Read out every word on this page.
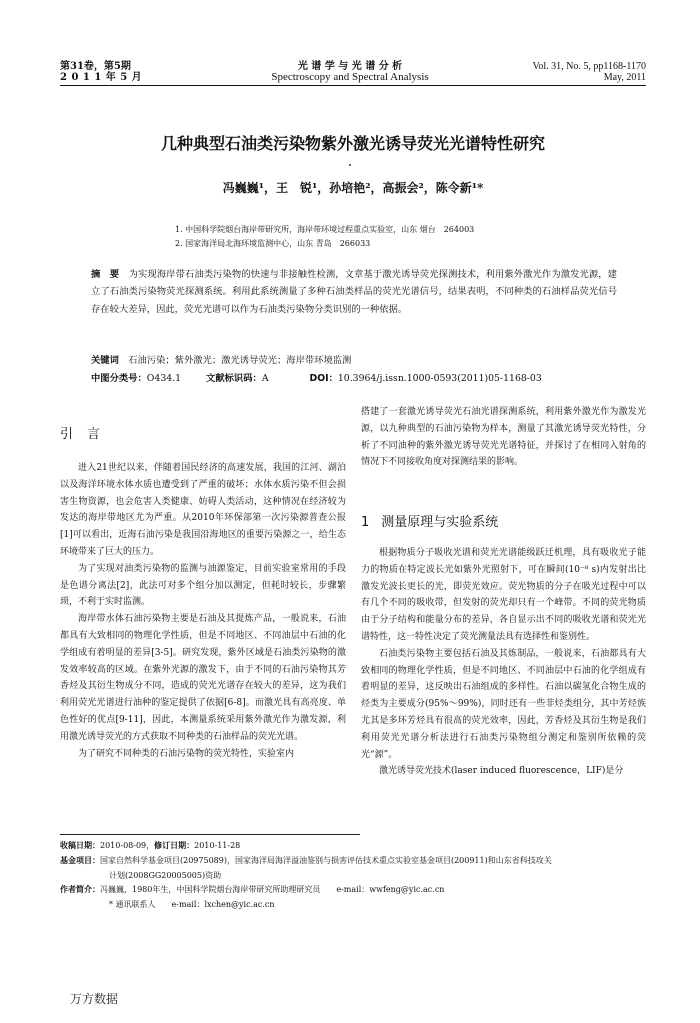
第31卷，第5期
2 0 1 1 年 5 月
光 谱 学 与 光 谱 分 析
Spectroscopy and Spectral Analysis
Vol. 31, No. 5, pp1168-1170
May, 2011
几种典型石油类污染物紫外激光诱导荧光光谱特性研究
冯巍巍¹，王　锐¹，孙培艳²，高振会²，陈令新¹*
1. 中国科学院烟台海岸带研究所，海岸带环境过程重点实验室，山东 烟台　264003
2. 国家海洋局北海环境监测中心，山东 青岛　266033
摘　要　 为实现海岸带石油类污染物的快速与非接触性检测，文章基于激光诱导荧光探测技术，利用紫外激光作为激发光源，建立了石油类污染物荧光探测系统。利用此系统测量了多种石油类样品的荧光光谱信号，结果表明，不同种类的石油样品荧光信号存在较大差异，因此，荧光光谱可以作为石油类污染物分类识别的一种依据。
关键词　 石油污染；紫外激光；激光诱导荧光；海岸带环境监测
中图分类号：O434.1	文献标识码：A	DOI：10.3964/j.issn.1000-0593(2011)05-1168-03
引 言

进入21世纪以来，伴随着国民经济的高速发展，我国的江河、湖泊以及海洋环境水体水质也遭受到了严重的破坏；水体水质污染不但会损害生物资源，也会危害人类健康、妨碍人类活动，这种情况在经济较为发达的海岸带地区尤为严重。从2010年环保部第一次污染源普查公报[1]可以看出，近海石油污染是我国沿海地区的重要污染源之一，给生态环境带来了巨大的压力。

为了实现对油类污染物的监测与油源鉴定，目前实验室常用的手段是色谱分离法[2]，此法可对多个组分加以测定，但耗时较长，步骤繁琐，不利于实时监测。

海岸带水体石油污染物主要是石油及其提炼产品，一般说来，石油都具有大致相同的物理化学性质，但是不同地区、不同油层中石油的化学组成有着明显的差异[3-5]。研究发现，紫外区域是石油类污染物的激发效率较高的区域。在紫外光源的激发下，由于不同的石油污染物其芳香烃及其衍生物成分不同，造成的荧光光谱存在较大的差异，这为我们利用荧光光谱进行油种的鉴定提供了依据[6-8]。而激光具有高亮度、单色性好的优点[9-11]，因此，本测量系统采用紫外激光作为激发源，利用激光诱导荧光的方式获取不同种类的石油样品的荧光光谱。

为了研究不同种类的石油污染物的荧光特性，实验室内

搭建了一套激光诱导荧光石油光谱探测系统，利用紫外激光作为激发光源，以九种典型的石油污染物为样本，测量了其激光诱导荧光特性，分析了不同油种的紫外激光诱导荧光光谱特征，并探讨了在相同入射角的情况下不同接收角度对探测结果的影响。

1 测量原理与实验系统

根据物质分子吸收光谱和荧光光谱能级跃迁机理，具有吸收光子能力的物质在特定波长光如紫外光照射下，可在瞬间(10⁻⁸ s)内发射出比激发光波长更长的光，即荧光效应。荧光物质的分子在吸光过程中可以有几个不同的吸收带，但发射的荧光却只有一个峰带。不同的荧光物质由于分子结构和能量分布的差异，各自显示出不同的吸收光谱和荧光光谱特性，这一特性决定了荧光测量法具有选择性和鉴别性。

石油类污染物主要包括石油及其炼制品，一般说来，石油都具有大致相同的物理化学性质，但是不同地区、不同油层中石油的化学组成有着明显的差异，这反映出石油组成的多样性。石油以碳氢化合物生成的烃类为主要成分(95%～99%)，同时还有一些非烃类组分，其中芳烃族尤其是多环芳烃具有很高的荧光效率，因此，芳香烃及其衍生物是我们利用荧光光谱分析法进行石油类污染物组分测定和鉴别所依赖的荧光“源”。

激光诱导荧光技术(laser induced fluorescence，LIF)是分

收稿日期：2010-08-09，修订日期：2010-11-28
基金项目：国家自然科学基金项目(20975089)，国家海洋局海洋溢油鉴别与损害评估技术重点实验室基金项目(200911)和山东省科技攻关
计划(2008GG20005005)资助
作者简介：冯巍巍，1980年生，中国科学院烟台海岸带研究所助理研究员　　e-mail：wwfeng@yic.ac.cn
* 通讯联系人　　e-mail：lxchen@yic.ac.cn
万方数据
